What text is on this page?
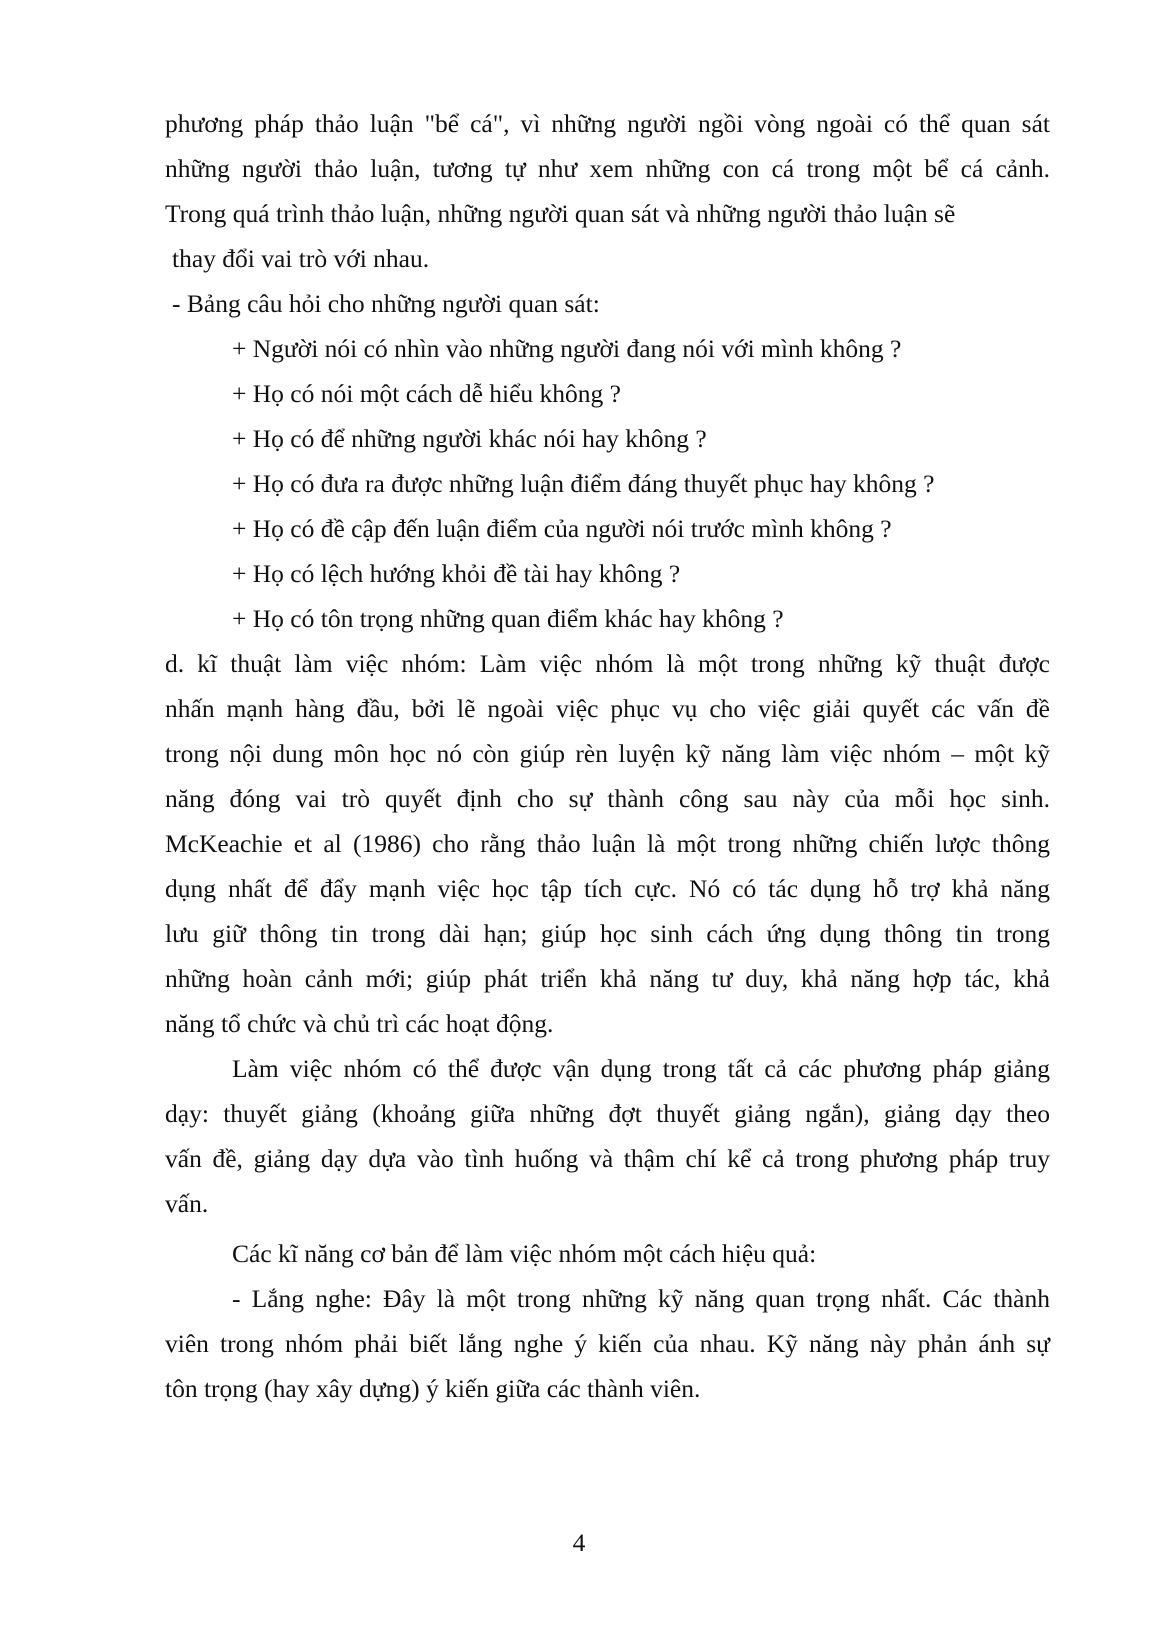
phương pháp thảo luận "bể cá", vì những người ngồi vòng ngoài có thể quan sát
những người thảo luận, tương tự như xem những con cá trong một bể cá cảnh.
Trong quá trình thảo luận, những người quan sát và những người thảo luận sẽ
thay đổi vai trò với nhau.
- Bảng câu hỏi cho những người quan sát:
+ Người nói có nhìn vào những người đang nói với mình không ?
+ Họ có nói một cách dễ hiểu không ?
+ Họ có để những người khác nói hay không ?
+ Họ có đưa ra được những luận điểm đáng thuyết phục hay không ?
+ Họ có đề cập đến luận điểm của người nói trước mình không ?
+ Họ có lệch hướng khỏi đề tài hay không ?
+ Họ có tôn trọng những quan điểm khác hay không ?
d. kĩ thuật làm việc nhóm: Làm việc nhóm là một trong những kỹ thuật được
nhấn mạnh hàng đầu, bởi lẽ ngoài việc phục vụ cho việc giải quyết các vấn đề
trong nội dung môn học nó còn giúp rèn luyện kỹ năng làm việc nhóm – một kỹ
năng đóng vai trò quyết định cho sự thành công sau này của mỗi học sinh.
McKeachie et al (1986) cho rằng thảo luận là một trong những chiến lược thông
dụng nhất để đẩy mạnh việc học tập tích cực. Nó có tác dụng hỗ trợ khả năng
lưu giữ thông tin trong dài hạn; giúp học sinh cách ứng dụng thông tin trong
những hoàn cảnh mới; giúp phát triển khả năng tư duy, khả năng hợp tác, khả
năng tổ chức và chủ trì các hoạt động.
Làm việc nhóm có thể được vận dụng trong tất cả các phương pháp giảng
dạy: thuyết giảng (khoảng giữa những đợt thuyết giảng ngắn), giảng dạy theo
vấn đề, giảng dạy dựa vào tình huống và thậm chí kể cả trong phương pháp truy
vấn.
Các kĩ năng cơ bản để làm việc nhóm một cách hiệu quả:
- Lắng nghe: Đây là một trong những kỹ năng quan trọng nhất. Các thành
viên trong nhóm phải biết lắng nghe ý kiến của nhau. Kỹ năng này phản ánh sự
tôn trọng (hay xây dựng) ý kiến giữa các thành viên.
4
